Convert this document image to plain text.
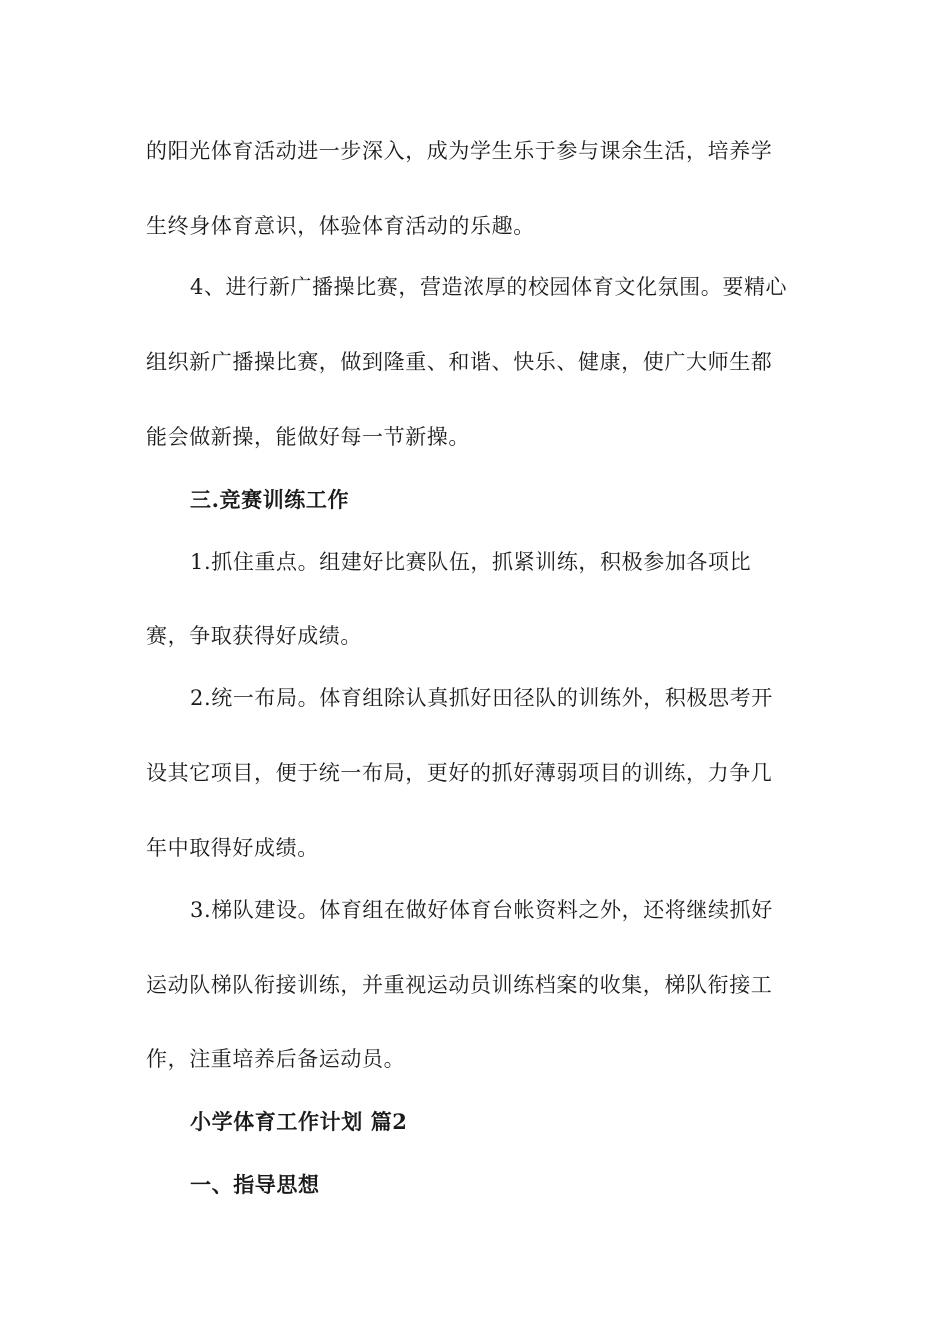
的阳光体育活动进一步深入，成为学生乐于参与课余生活，培养学
生终身体育意识，体验体育活动的乐趣。
4、进行新广播操比赛，营造浓厚的校园体育文化氛围。要精心
组织新广播操比赛，做到隆重、和谐、快乐、健康，使广大师生都
能会做新操，能做好每一节新操。
三.竞赛训练工作
1.抓住重点。组建好比赛队伍，抓紧训练，积极参加各项比
赛，争取获得好成绩。
2.统一布局。体育组除认真抓好田径队的训练外，积极思考开
设其它项目，便于统一布局，更好的抓好薄弱项目的训练，力争几
年中取得好成绩。
3.梯队建设。体育组在做好体育台帐资料之外，还将继续抓好
运动队梯队衔接训练，并重视运动员训练档案的收集，梯队衔接工
作，注重培养后备运动员。
小学体育工作计划 篇2
一、指导思想
